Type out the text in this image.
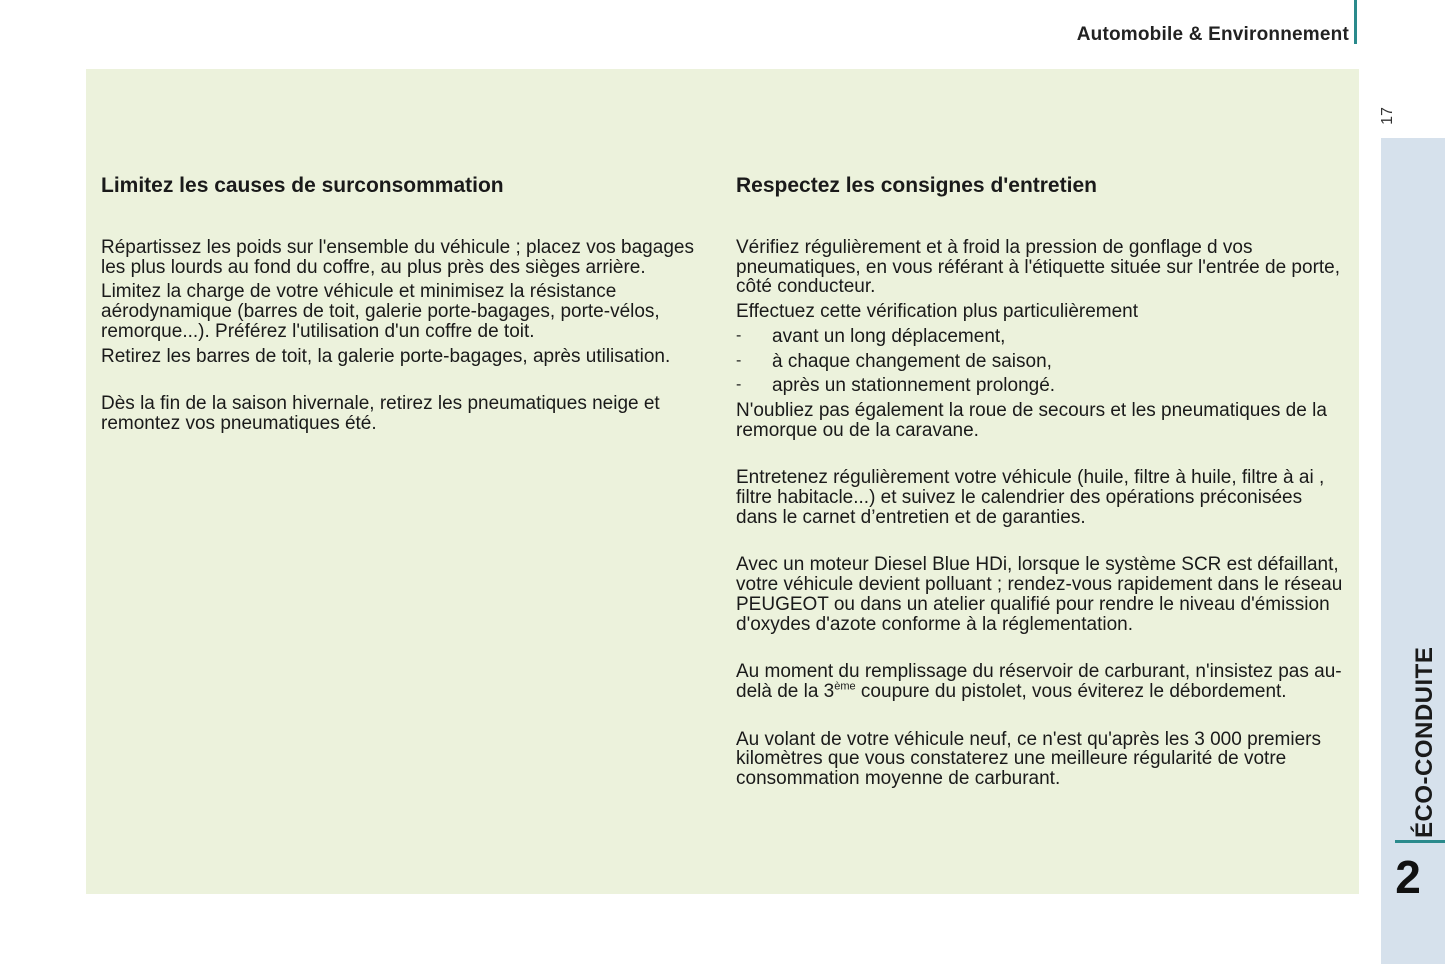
Automobile & Environnement
17
ÉCO-CONDUITE
2
Limitez les causes de surconsommation

Répartissez les poids sur l'ensemble du véhicule ; placez vos bagages les plus lourds au fond du coffre, au plus près des sièges arrière.

Limitez la charge de votre véhicule et minimisez la résistance aérodynamique (barres de toit, galerie porte-bagages, porte-vélos, remorque...). Préférez l'utilisation d'un coffre de toit.

Retirez les barres de toit, la galerie porte-bagages, après utilisation.

Dès la fin de la saison hivernale, retirez les pneumatiques neige et remontez vos pneumatiques été.

Respectez les consignes d'entretien

Vérifiez régulièrement et à froid la pression de gonflage d vos pneumatiques, en vous référant à l'étiquette située sur l'entrée de porte, côté conducteur.

Effectuez cette vérification plus particulièrement

-	avant un long déplacement,

-	à chaque changement de saison,

-	après un stationnement prolongé.

N'oubliez pas également la roue de secours et les pneumatiques de la remorque ou de la caravane.

Entretenez régulièrement votre véhicule (huile, filtre à huile, filtre à ai , filtre habitacle...) et suivez le calendrier des opérations préconisées dans le carnet d’entretien et de garanties.

Avec un moteur Diesel Blue HDi, lorsque le système SCR est défaillant, votre véhicule devient polluant ; rendez-vous rapidement dans le réseau PEUGEOT ou dans un atelier qualifié pour rendre le niveau d'émission d'oxydes d'azote conforme à la réglementation.

Au moment du remplissage du réservoir de carburant, n'insistez pas au-delà de la 3ème coupure du pistolet, vous éviterez le débordement.

Au volant de votre véhicule neuf, ce n'est qu'après les 3 000 premiers kilomètres que vous constaterez une meilleure régularité de votre consommation moyenne de carburant.
